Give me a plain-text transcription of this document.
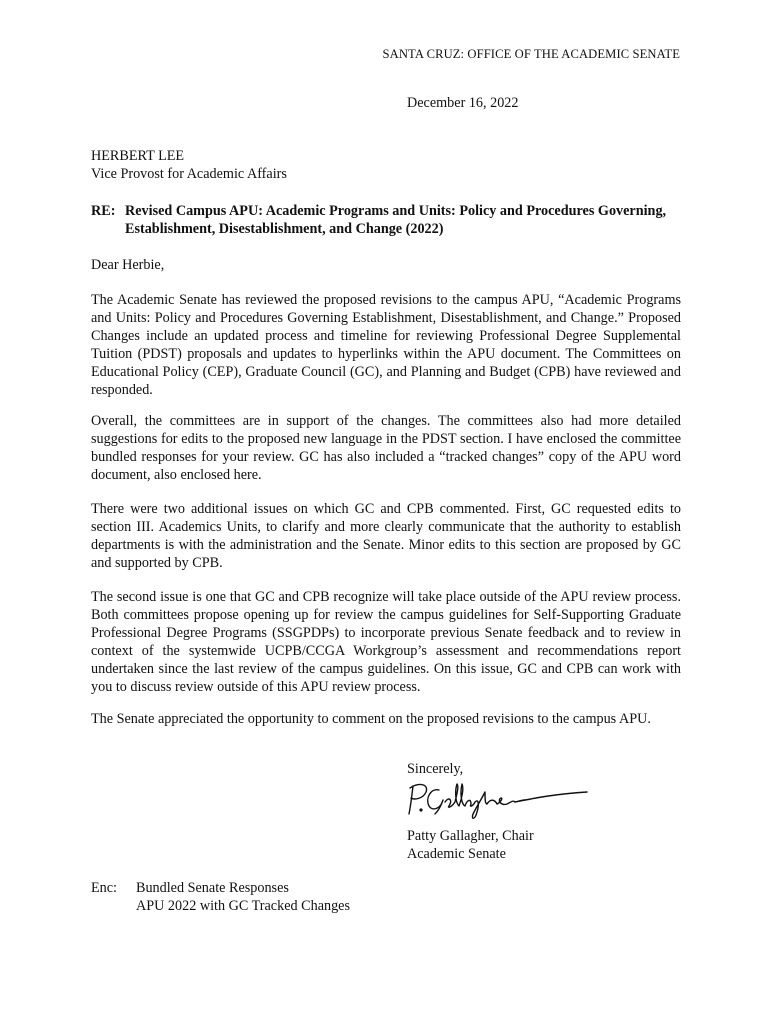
SANTA CRUZ: OFFICE OF THE ACADEMIC SENATE
December 16, 2022
HERBERT LEE
Vice Provost for Academic Affairs
RE: Revised Campus APU: Academic Programs and Units: Policy and Procedures Governing, Establishment, Disestablishment, and Change (2022)
Dear Herbie,

The Academic Senate has reviewed the proposed revisions to the campus APU, “Academic Programs and Units: Policy and Procedures Governing Establishment, Disestablishment, and Change.” Proposed Changes include an updated process and timeline for reviewing Professional Degree Supplemental Tuition (PDST) proposals and updates to hyperlinks within the APU document. The Committees on Educational Policy (CEP), Graduate Council (GC), and Planning and Budget (CPB) have reviewed and responded.

Overall, the committees are in support of the changes. The committees also had more detailed suggestions for edits to the proposed new language in the PDST section. I have enclosed the committee bundled responses for your review. GC has also included a “tracked changes” copy of the APU word document, also enclosed here.

There were two additional issues on which GC and CPB commented. First, GC requested edits to section III. Academics Units, to clarify and more clearly communicate that the authority to establish departments is with the administration and the Senate. Minor edits to this section are proposed by GC and supported by CPB.

The second issue is one that GC and CPB recognize will take place outside of the APU review process. Both committees propose opening up for review the campus guidelines for Self-Supporting Graduate Professional Degree Programs (SSGPDPs) to incorporate previous Senate feedback and to review in context of the systemwide UCPB/CCGA Workgroup’s assessment and recommendations report undertaken since the last review of the campus guidelines. On this issue, GC and CPB can work with you to discuss review outside of this APU review process.

The Senate appreciated the opportunity to comment on the proposed revisions to the campus APU.

Sincerely,
Patty Gallagher, Chair
Academic Senate
Enc:	Bundled Senate Responses
APU 2022 with GC Tracked Changes
